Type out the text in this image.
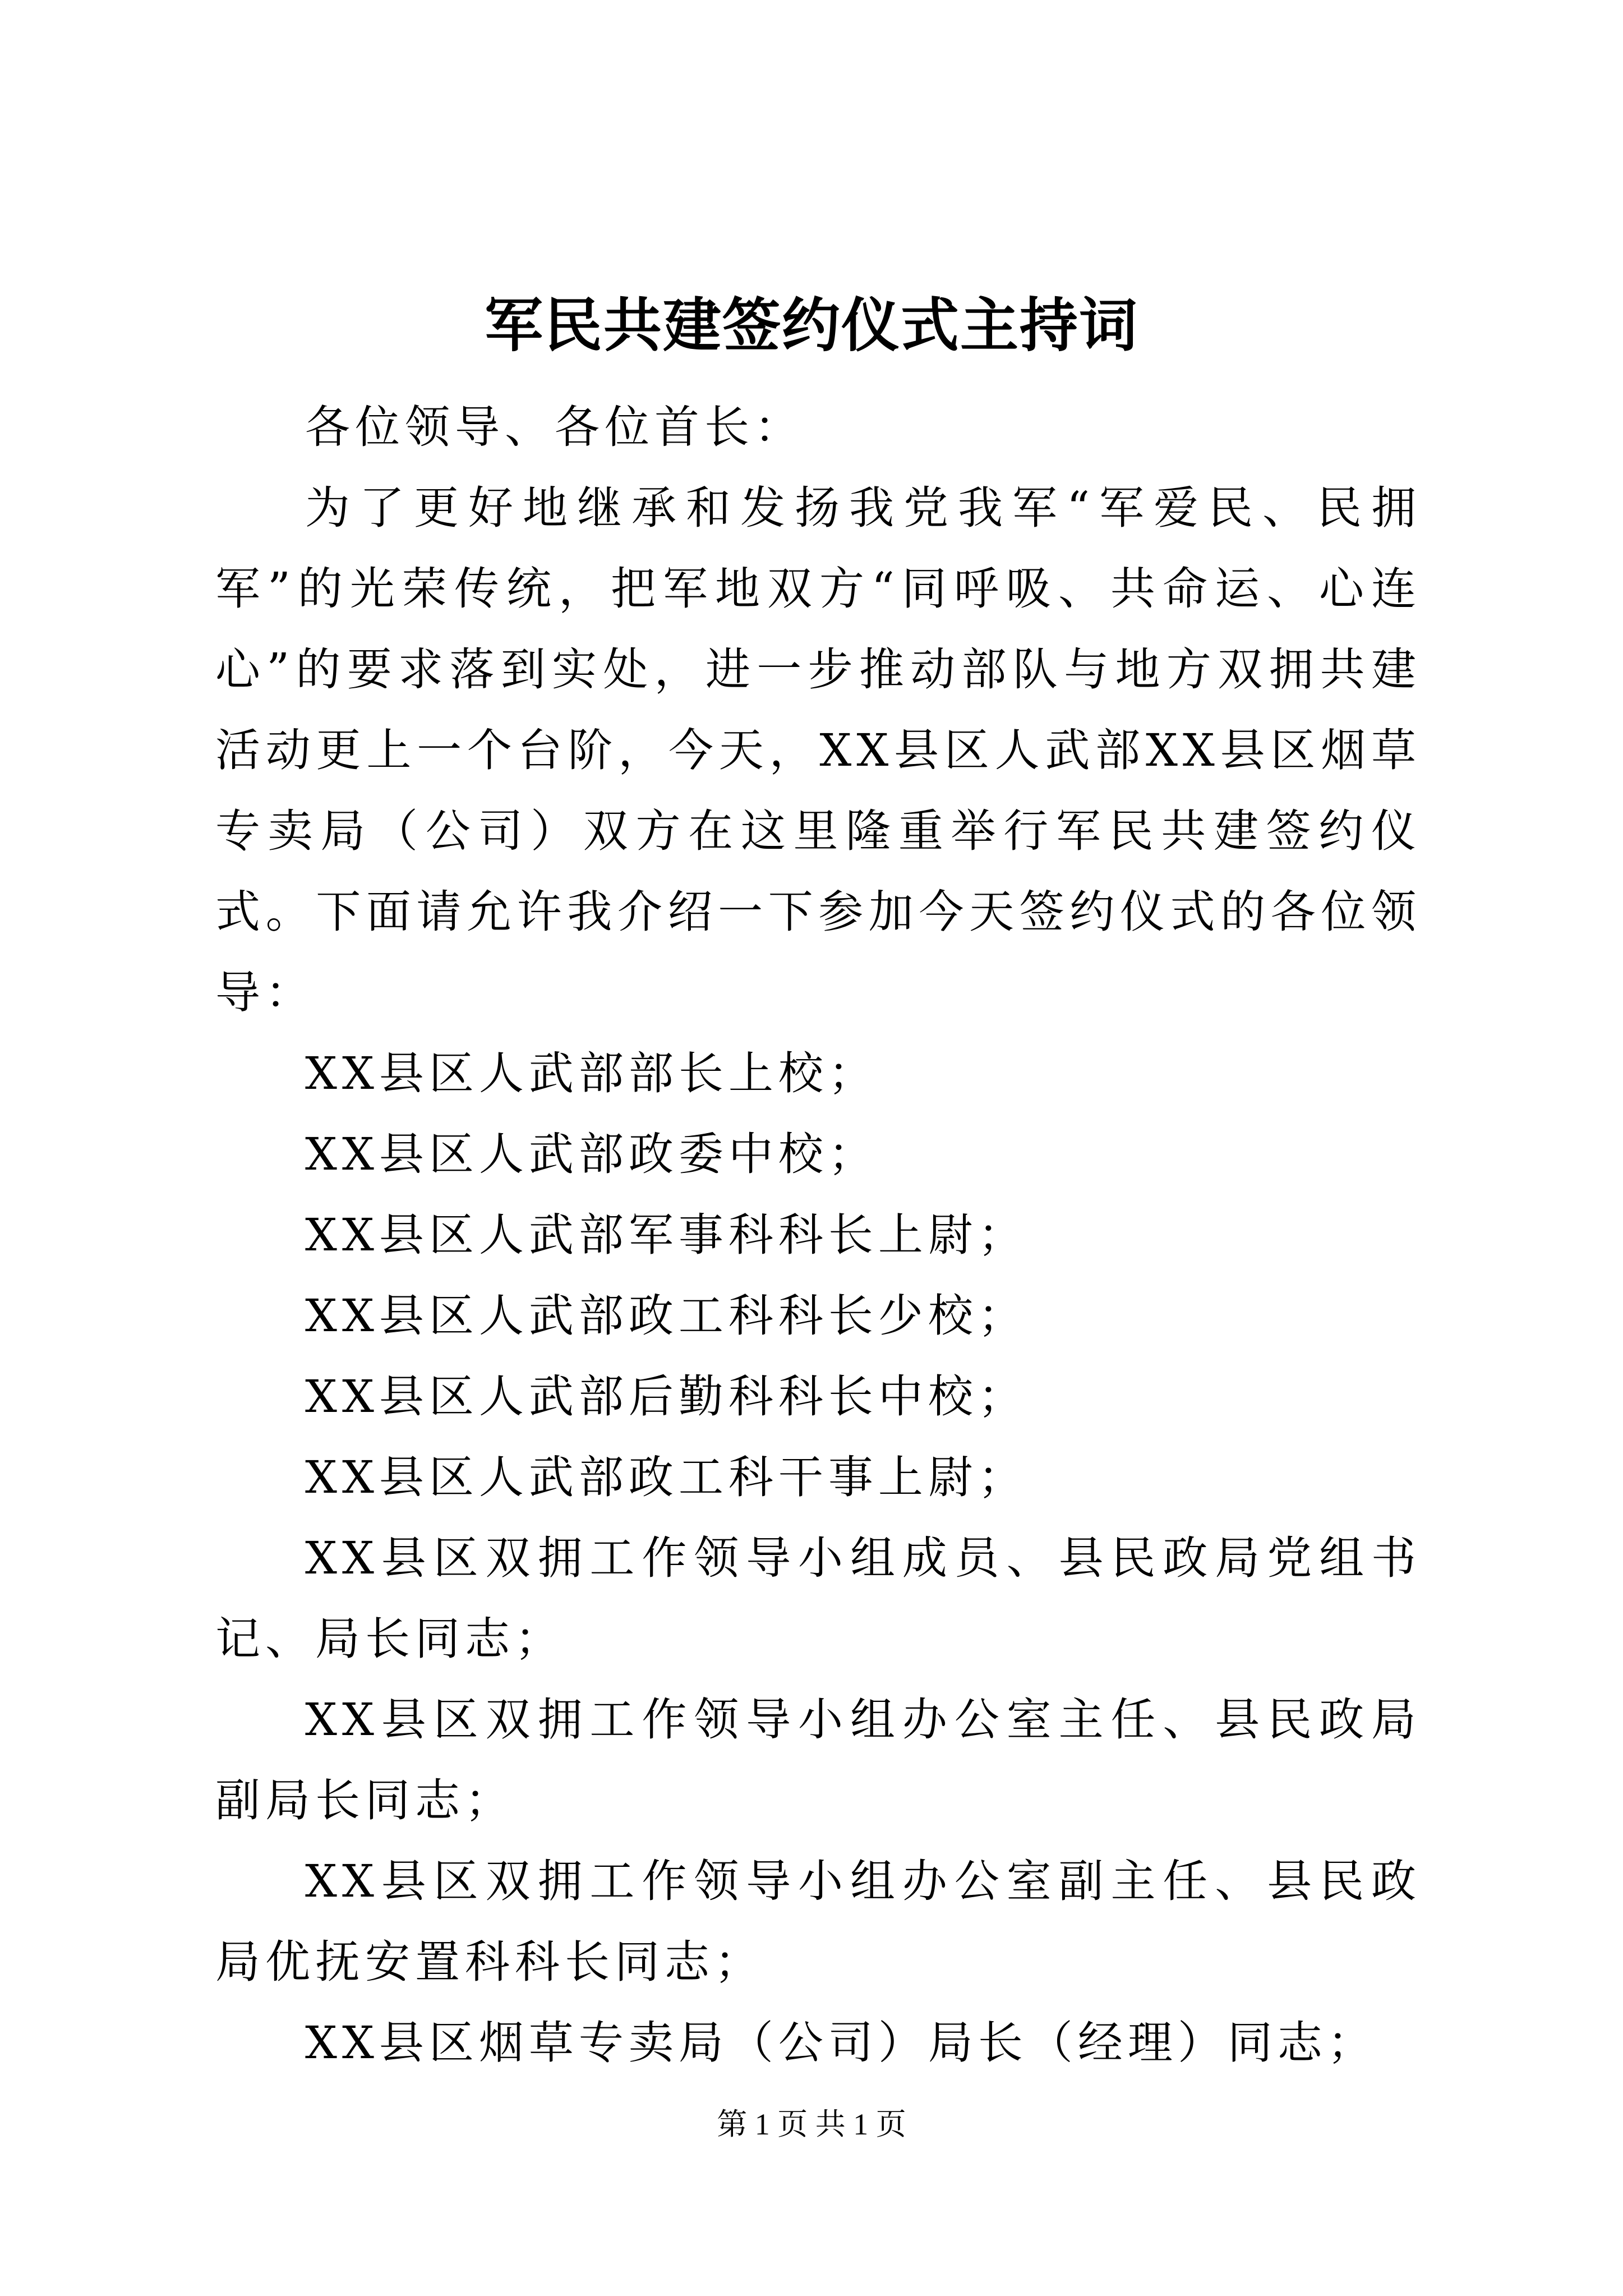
军民共建签约仪式主持词

各位领导、各位首长：

为了更好地继承和发扬我党我军“军爱民、民拥军”的光荣传统，把军地双方“同呼吸、共命运、心连心”的要求落到实处，进一步推动部队与地方双拥共建活动更上一个台阶，今天，XX县区人武部XX县区烟草专卖局（公司）双方在这里隆重举行军民共建签约仪式。下面请允许我介绍一下参加今天签约仪式的各位领导：

XX县区人武部部长上校；

XX县区人武部政委中校；

XX县区人武部军事科科长上尉；

XX县区人武部政工科科长少校；

XX县区人武部后勤科科长中校；

XX县区人武部政工科干事上尉；

XX县区双拥工作领导小组成员、县民政局党组书记、局长同志；

XX县区双拥工作领导小组办公室主任、县民政局副局长同志；

XX县区双拥工作领导小组办公室副主任、县民政局优抚安置科科长同志；

XX县区烟草专卖局（公司）局长（经理）同志；

第 1 页 共 1 页
